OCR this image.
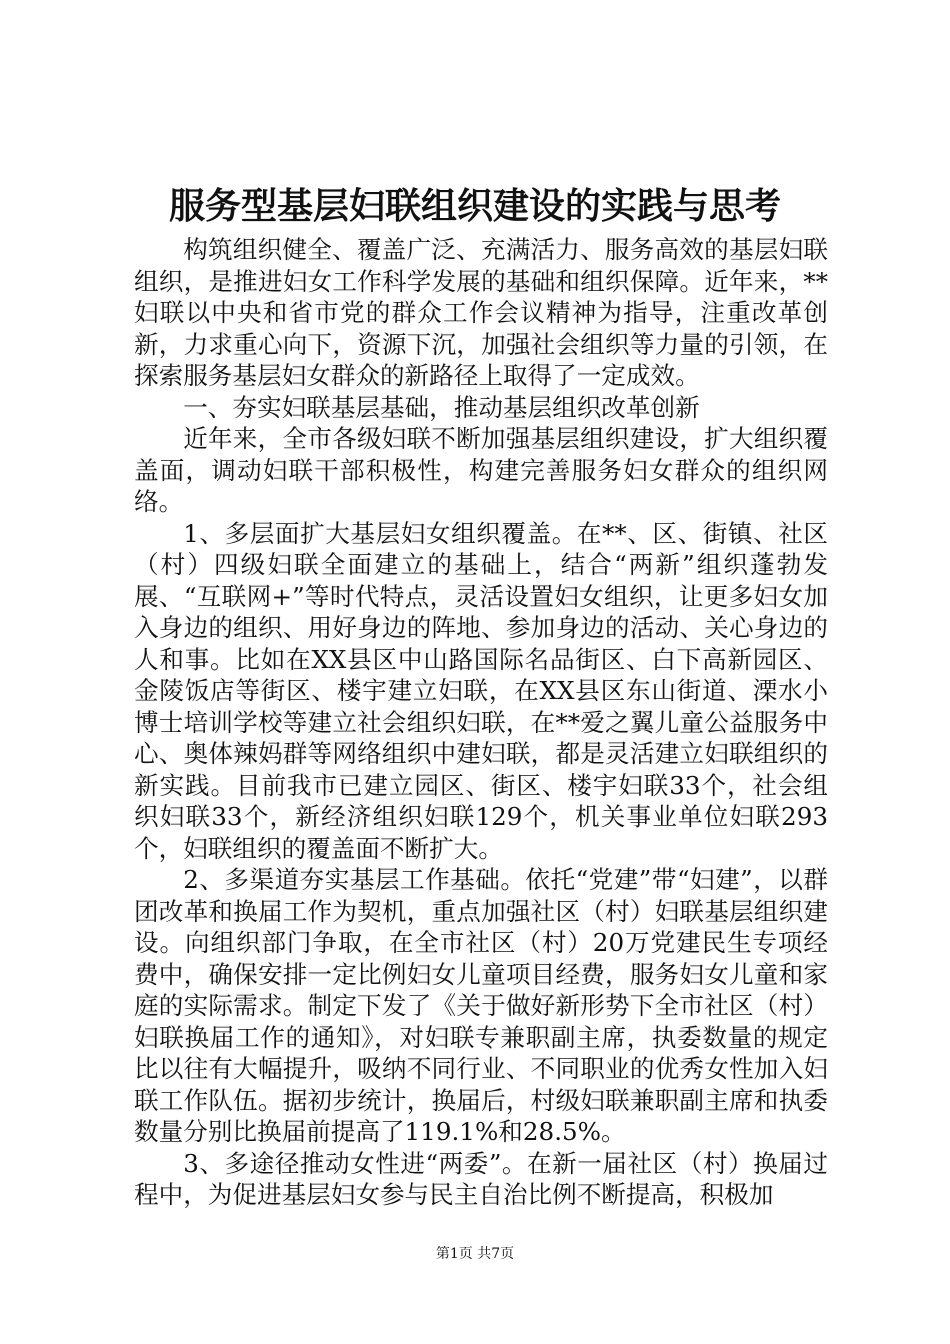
服务型基层妇联组织建设的实践与思考

构筑组织健全、覆盖广泛、充满活力、服务高效的基层妇联组织，是推进妇女工作科学发展的基础和组织保障。近年来，**妇联以中央和省市党的群众工作会议精神为指导，注重改革创新，力求重心向下，资源下沉，加强社会组织等力量的引领，在探索服务基层妇女群众的新路径上取得了一定成效。

一、夯实妇联基层基础，推动基层组织改革创新

近年来，全市各级妇联不断加强基层组织建设，扩大组织覆盖面，调动妇联干部积极性，构建完善服务妇女群众的组织网络。

1、多层面扩大基层妇女组织覆盖。在**、区、街镇、社区（村）四级妇联全面建立的基础上，结合“两新”组织蓬勃发展、“互联网+”等时代特点，灵活设置妇女组织，让更多妇女加入身边的组织、用好身边的阵地、参加身边的活动、关心身边的人和事。比如在XX县区中山路国际名品街区、白下高新园区、金陵饭店等街区、楼宇建立妇联，在XX县区东山街道、溧水小博士培训学校等建立社会组织妇联，在**爱之翼儿童公益服务中心、奥体辣妈群等网络组织中建妇联，都是灵活建立妇联组织的新实践。目前我市已建立园区、街区、楼宇妇联33个，社会组织妇联33个，新经济组织妇联129个，机关事业单位妇联293个，妇联组织的覆盖面不断扩大。

2、多渠道夯实基层工作基础。依托“党建”带“妇建”，以群团改革和换届工作为契机，重点加强社区（村）妇联基层组织建设。向组织部门争取，在全市社区（村）20万党建民生专项经费中，确保安排一定比例妇女儿童项目经费，服务妇女儿童和家庭的实际需求。制定下发了《关于做好新形势下全市社区（村）妇联换届工作的通知》，对妇联专兼职副主席，执委数量的规定比以往有大幅提升，吸纳不同行业、不同职业的优秀女性加入妇联工作队伍。据初步统计，换届后，村级妇联兼职副主席和执委数量分别比换届前提高了119.1%和28.5%。

3、多途径推动女性进“两委”。在新一届社区（村）换届过程中，为促进基层妇女参与民主自治比例不断提高，积极加

第1页 共7页
